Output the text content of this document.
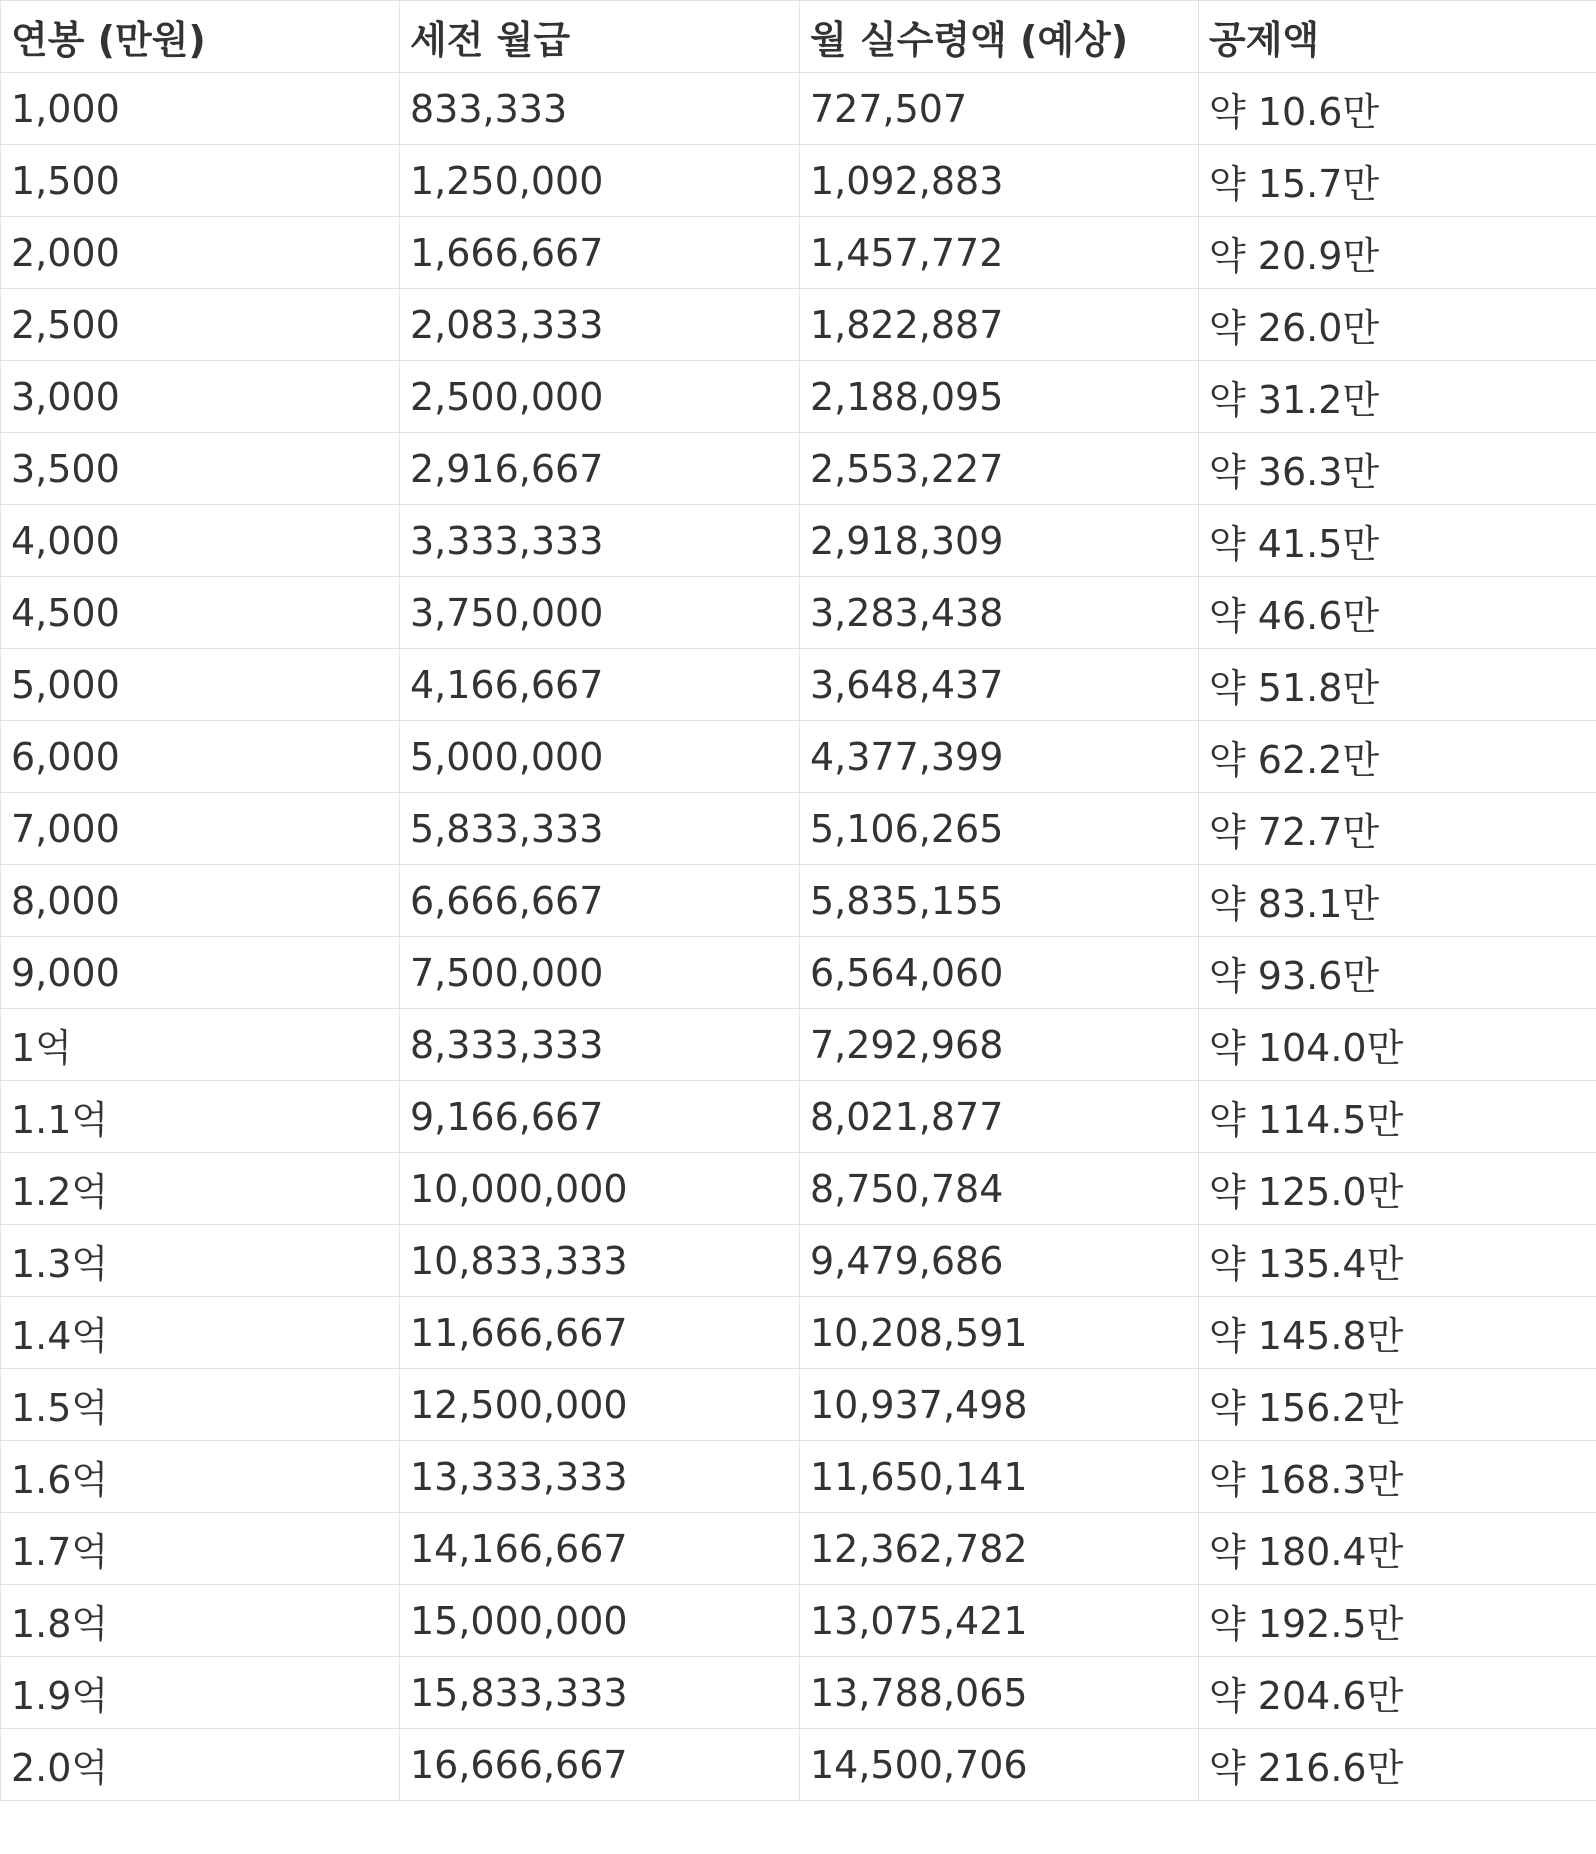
연봉 (만원)	세전 월급	월 실수령액 (예상)	공제액
1,000	833,333	727,507	약 10.6만
1,500	1,250,000	1,092,883	약 15.7만
2,000	1,666,667	1,457,772	약 20.9만
2,500	2,083,333	1,822,887	약 26.0만
3,000	2,500,000	2,188,095	약 31.2만
3,500	2,916,667	2,553,227	약 36.3만
4,000	3,333,333	2,918,309	약 41.5만
4,500	3,750,000	3,283,438	약 46.6만
5,000	4,166,667	3,648,437	약 51.8만
6,000	5,000,000	4,377,399	약 62.2만
7,000	5,833,333	5,106,265	약 72.7만
8,000	6,666,667	5,835,155	약 83.1만
9,000	7,500,000	6,564,060	약 93.6만
1억	8,333,333	7,292,968	약 104.0만
1.1억	9,166,667	8,021,877	약 114.5만
1.2억	10,000,000	8,750,784	약 125.0만
1.3억	10,833,333	9,479,686	약 135.4만
1.4억	11,666,667	10,208,591	약 145.8만
1.5억	12,500,000	10,937,498	약 156.2만
1.6억	13,333,333	11,650,141	약 168.3만
1.7억	14,166,667	12,362,782	약 180.4만
1.8억	15,000,000	13,075,421	약 192.5만
1.9억	15,833,333	13,788,065	약 204.6만
2.0억	16,666,667	14,500,706	약 216.6만
